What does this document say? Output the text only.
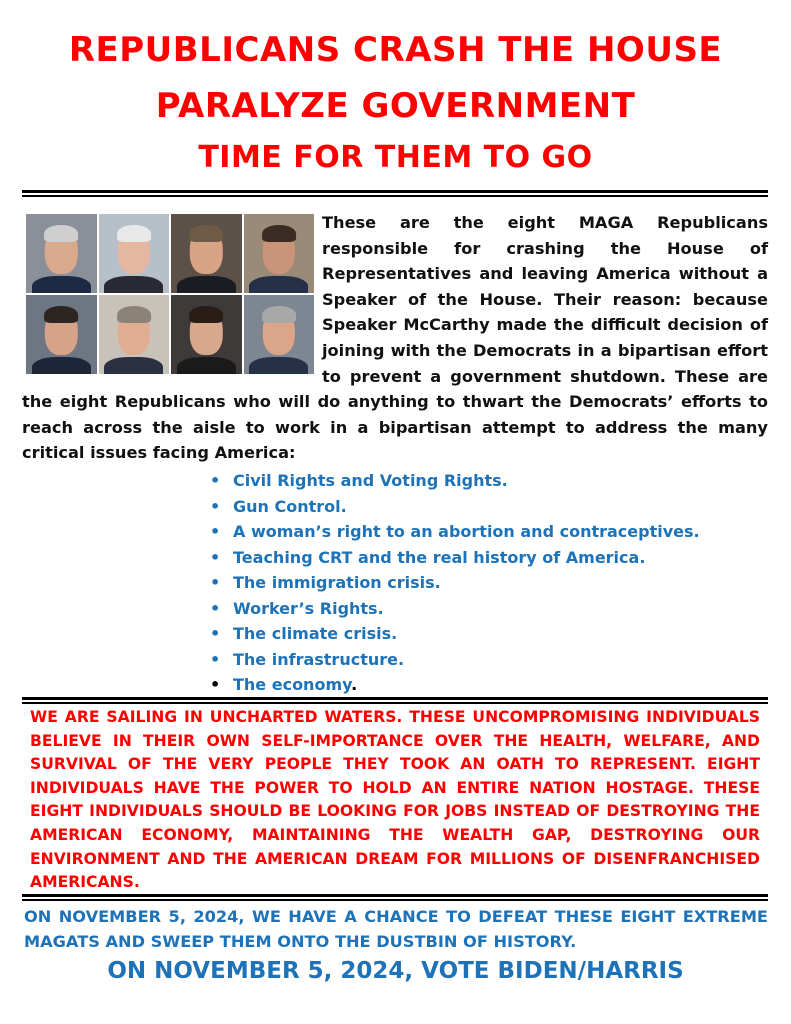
REPUBLICANS CRASH THE HOUSE
PARALYZE GOVERNMENT
TIME FOR THEM TO GO
These are the eight MAGA Republicans responsible for crashing the House of Representatives and leaving America without a Speaker of the House. Their reason: because Speaker McCarthy made the difficult decision of joining with the Democrats in a bipartisan effort to prevent a government shutdown. These are the eight Republicans who will do anything to thwart the Democrats’ efforts to reach across the aisle to work in a bipartisan attempt to address the many critical issues facing America:
• Civil Rights and Voting Rights.
• Gun Control.
• A woman’s right to an abortion and contraceptives.
• Teaching CRT and the real history of America.
• The immigration crisis.
• Worker’s Rights.
• The climate crisis.
• The infrastructure.
• The economy.
WE ARE SAILING IN UNCHARTED WATERS. THESE UNCOMPROMISING INDIVIDUALS BELIEVE IN THEIR OWN SELF-IMPORTANCE OVER THE HEALTH, WELFARE, AND SURVIVAL OF THE VERY PEOPLE THEY TOOK AN OATH TO REPRESENT. EIGHT INDIVIDUALS HAVE THE POWER TO HOLD AN ENTIRE NATION HOSTAGE. THESE EIGHT INDIVIDUALS SHOULD BE LOOKING FOR JOBS INSTEAD OF DESTROYING THE AMERICAN ECONOMY, MAINTAINING THE WEALTH GAP, DESTROYING OUR ENVIRONMENT AND THE AMERICAN DREAM FOR MILLIONS OF DISENFRANCHISED AMERICANS.
ON NOVEMBER 5, 2024, WE HAVE A CHANCE TO DEFEAT THESE EIGHT EXTREME MAGATS AND SWEEP THEM ONTO THE DUSTBIN OF HISTORY.
ON NOVEMBER 5, 2024, VOTE BIDEN/HARRIS
